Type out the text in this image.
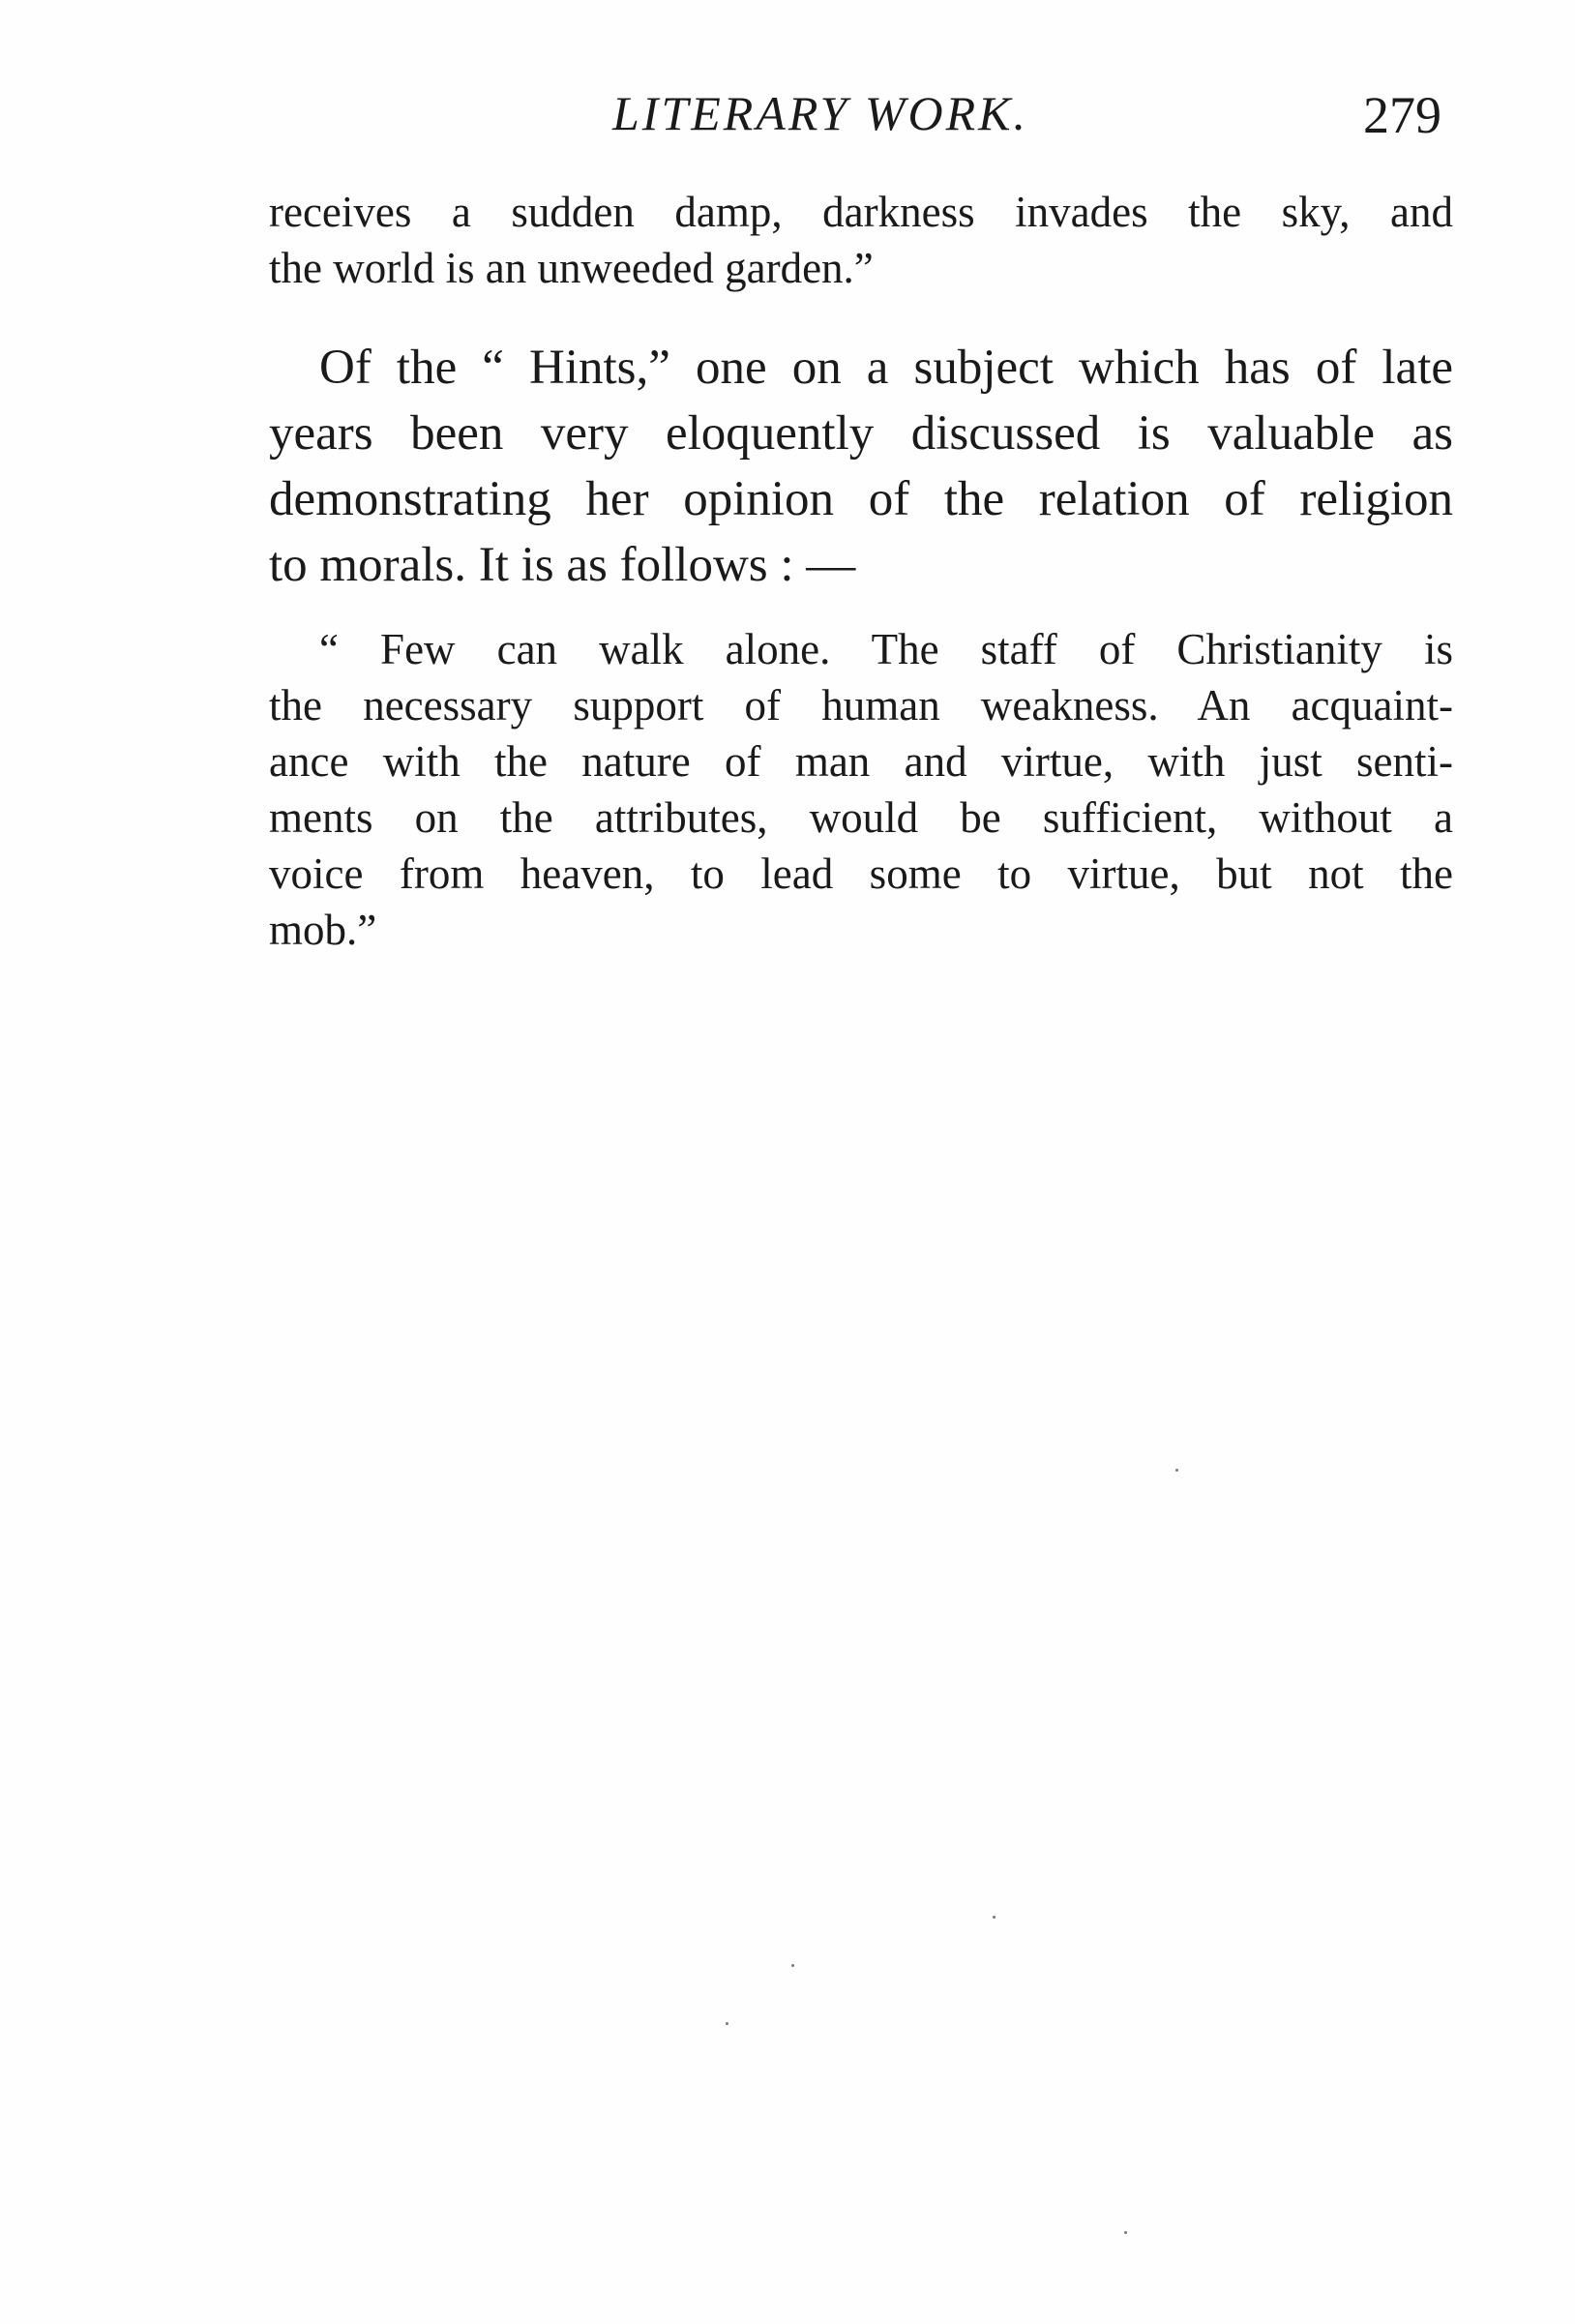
LITERARY WORK.	279
receives a sudden damp, darkness invades the sky, and
the world is an unweeded garden.”
Of the “ Hints,” one on a subject which has of late
years been very eloquently discussed is valuable as
demonstrating her opinion of the relation of religion
to morals. It is as follows : —
“ Few can walk alone. The staff of Christianity is
the necessary support of human weakness. An acquaint-
ance with the nature of man and virtue, with just senti-
ments on the attributes, would be sufficient, without a
voice from heaven, to lead some to virtue, but not the
mob.”
